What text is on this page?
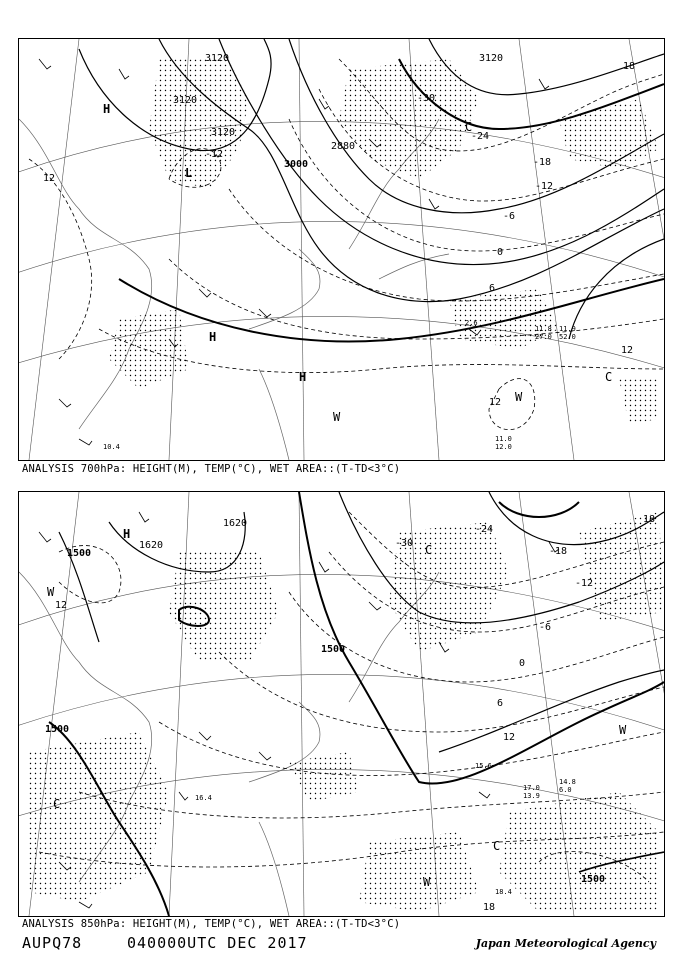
3120
3120
3120
3000
2880
3120
-30
-24
-18
-12
-12
-6
0
6
12
12
18
12
H
L
H
H	C
W
W
C
11.8
27.0
11.9
52.0
11.0
12.0
10.4
2.6
ANALYSIS 700hPa: HEIGHT(M), TEMP(°C), WET AREA::(T-TD<3°C)
1500
1620
1620
1500
1500
1500
-30
-24
-18
-12
-6
0
6
12
18
12
18
H
W
C
C
W
W
C
17.0
13.9
14.8
6.0
15.6
18.4
16.4
ANALYSIS 850hPa: HEIGHT(M), TEMP(°C), WET AREA::(T-TD<3°C)
AUPQ78	040000UTC DEC 2017	Japan Meteorological Agency
